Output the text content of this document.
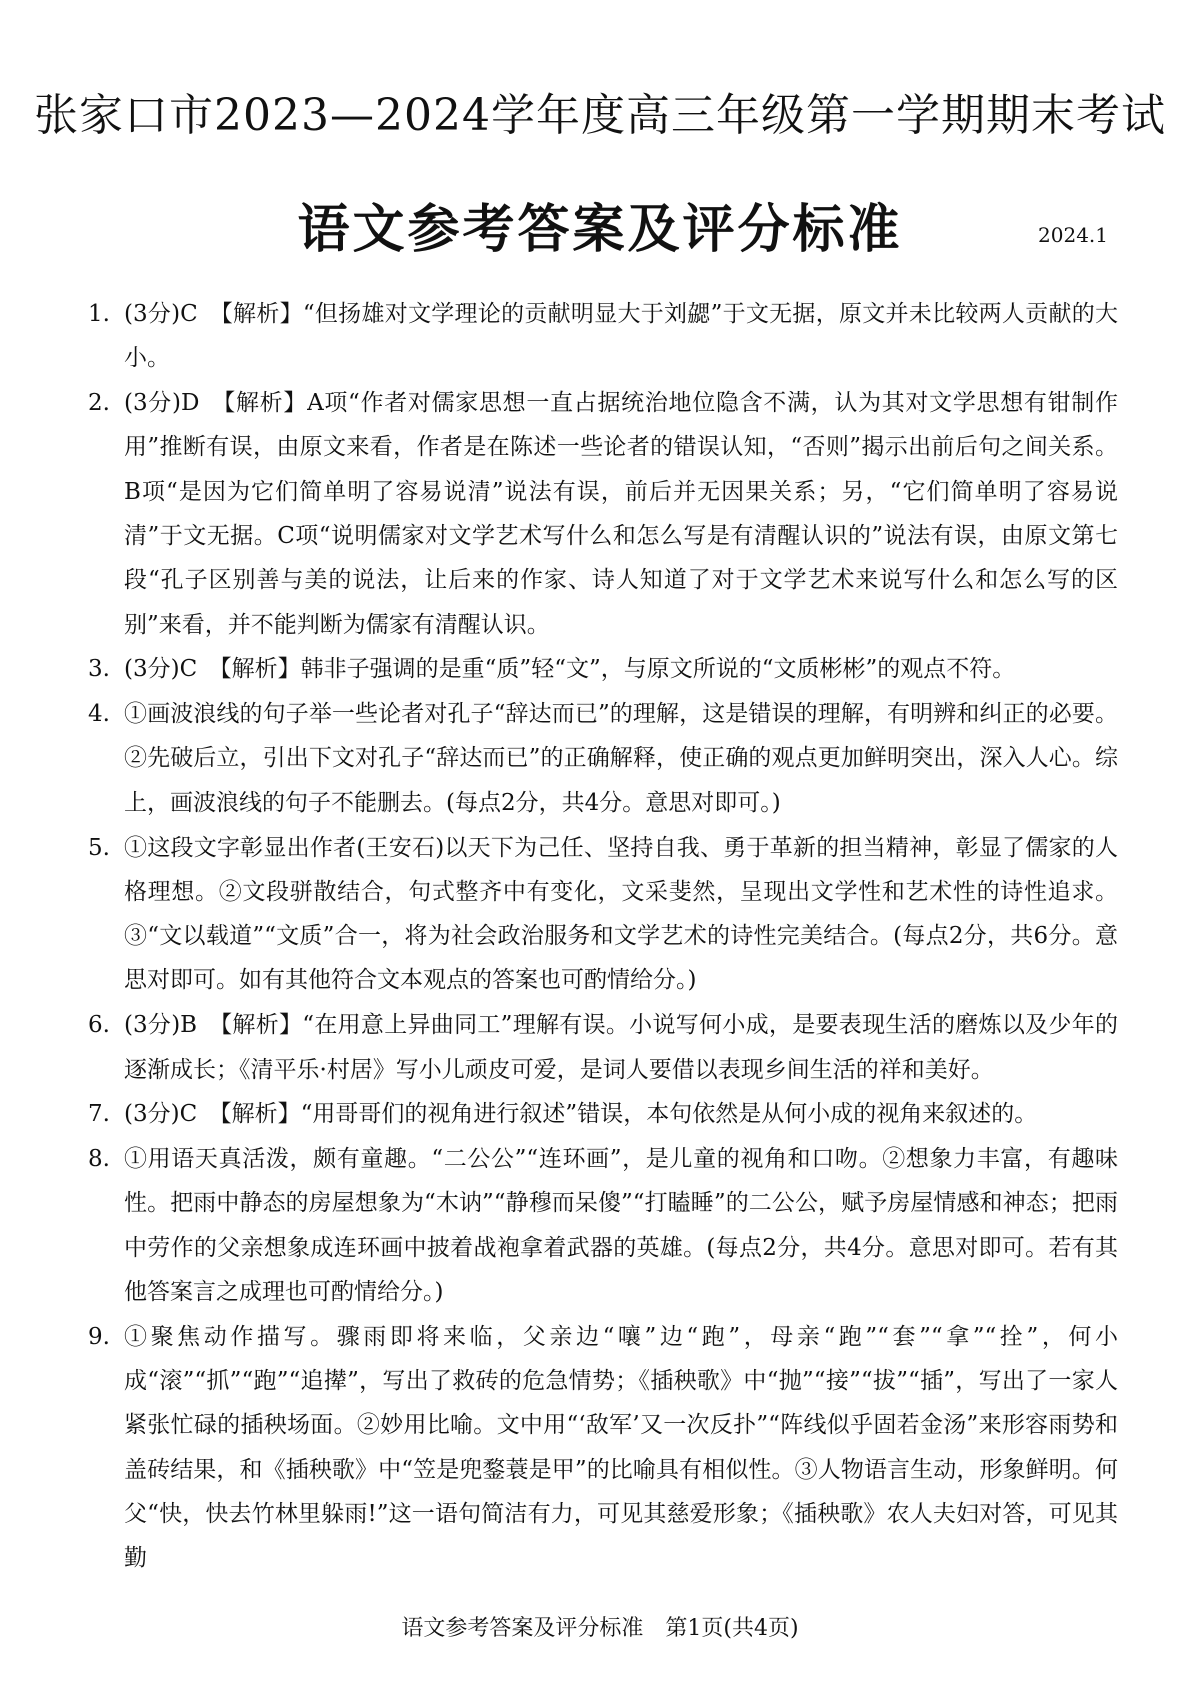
张家口市2023—2024学年度高三年级第一学期期末考试
语文参考答案及评分标准	2024.1
1. (3分)C　【解析】“但扬雄对文学理论的贡献明显大于刘勰”于文无据，原文并未比较两人贡献的大小。
2. (3分)D　【解析】A项“作者对儒家思想一直占据统治地位隐含不满，认为其对文学思想有钳制作用”推断有误，由原文来看，作者是在陈述一些论者的错误认知，“否则”揭示出前后句之间关系。B项“是因为它们简单明了容易说清”说法有误，前后并无因果关系；另，“它们简单明了容易说清”于文无据。C项“说明儒家对文学艺术写什么和怎么写是有清醒认识的”说法有误，由原文第七段“孔子区别善与美的说法，让后来的作家、诗人知道了对于文学艺术来说写什么和怎么写的区别”来看，并不能判断为儒家有清醒认识。
3. (3分)C　【解析】韩非子强调的是重“质”轻“文”，与原文所说的“文质彬彬”的观点不符。
4. ①画波浪线的句子举一些论者对孔子“辞达而已”的理解，这是错误的理解，有明辨和纠正的必要。②先破后立，引出下文对孔子“辞达而已”的正确解释，使正确的观点更加鲜明突出，深入人心。综上，画波浪线的句子不能删去。(每点2分，共4分。意思对即可。)
5. ①这段文字彰显出作者(王安石)以天下为己任、坚持自我、勇于革新的担当精神，彰显了儒家的人格理想。②文段骈散结合，句式整齐中有变化，文采斐然，呈现出文学性和艺术性的诗性追求。③“文以载道”“文质”合一，将为社会政治服务和文学艺术的诗性完美结合。(每点2分，共6分。意思对即可。如有其他符合文本观点的答案也可酌情给分。)
6. (3分)B　【解析】“在用意上异曲同工”理解有误。小说写何小成，是要表现生活的磨炼以及少年的逐渐成长；《清平乐·村居》写小儿顽皮可爱，是词人要借以表现乡间生活的祥和美好。
7. (3分)C　【解析】“用哥哥们的视角进行叙述”错误，本句依然是从何小成的视角来叙述的。
8. ①用语天真活泼，颇有童趣。“二公公”“连环画”，是儿童的视角和口吻。②想象力丰富，有趣味性。把雨中静态的房屋想象为“木讷”“静穆而呆傻”“打瞌睡”的二公公，赋予房屋情感和神态；把雨中劳作的父亲想象成连环画中披着战袍拿着武器的英雄。(每点2分，共4分。意思对即可。若有其他答案言之成理也可酌情给分。)
9. ①聚焦动作描写。骤雨即将来临，父亲边“嚷”边“跑”，母亲“跑”“套”“拿”“拴”，何小成“滚”“抓”“跑”“追撵”，写出了救砖的危急情势；《插秧歌》中“抛”“接”“拔”“插”，写出了一家人紧张忙碌的插秧场面。②妙用比喻。文中用“‘敌军’又一次反扑”“阵线似乎固若金汤”来形容雨势和盖砖结果，和《插秧歌》中“笠是兜鍪蓑是甲”的比喻具有相似性。③人物语言生动，形象鲜明。何父“快，快去竹林里躲雨!”这一语句简洁有力，可见其慈爱形象；《插秧歌》农人夫妇对答，可见其勤
语文参考答案及评分标准　第1页(共4页)
